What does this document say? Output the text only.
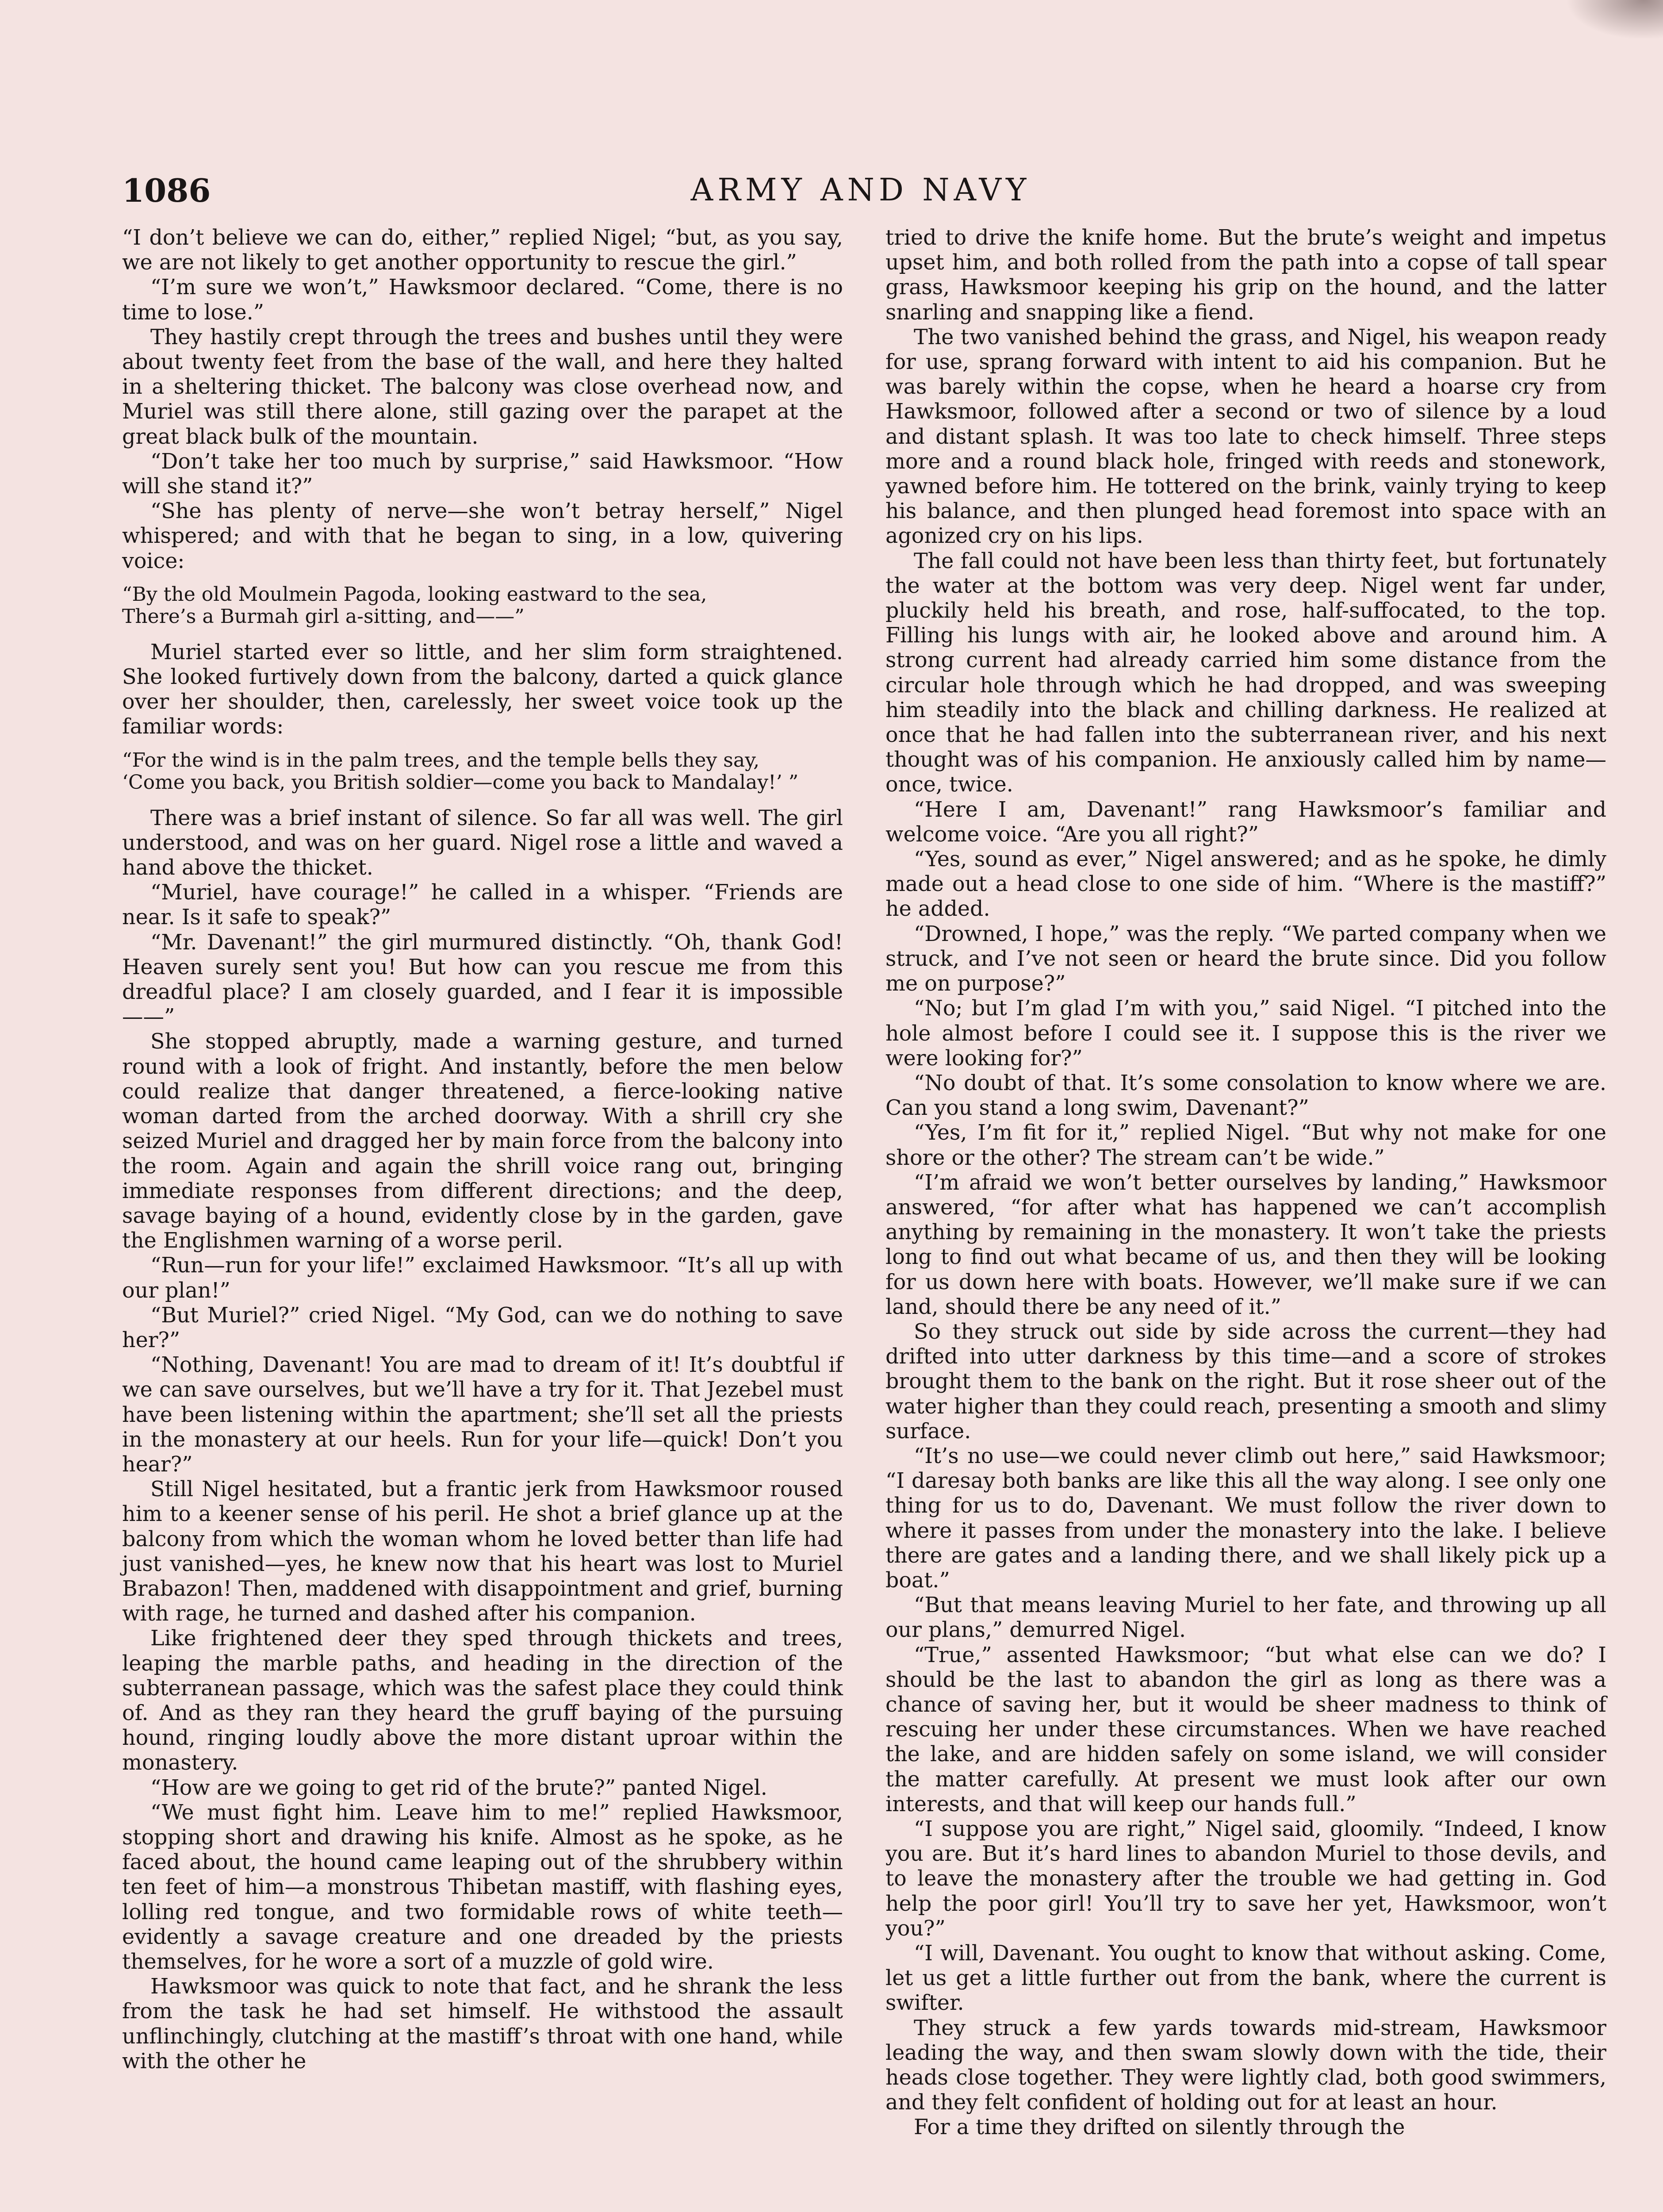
1086	ARMY AND NAVY

“I don’t believe we can do, either,” replied Nigel; “but, as you say, we are not likely to get another opportunity to rescue the girl.”

“I’m sure we won’t,” Hawksmoor declared. “Come, there is no time to lose.”

They hastily crept through the trees and bushes until they were about twenty feet from the base of the wall, and here they halted in a sheltering thicket. The balcony was close overhead now, and Muriel was still there alone, still gazing over the parapet at the great black bulk of the mountain.

“Don’t take her too much by surprise,” said Hawksmoor. “How will she stand it?”

“She has plenty of nerve—she won’t betray herself,” Nigel whispered; and with that he began to sing, in a low, quivering voice:

“By the old Moulmein Pagoda, looking eastward to the sea,
There’s a Burmah girl a-sitting, and——”

Muriel started ever so little, and her slim form straightened. She looked furtively down from the balcony, darted a quick glance over her shoulder, then, carelessly, her sweet voice took up the familiar words:

“For the wind is in the palm trees, and the temple bells they say,
‘Come you back, you British soldier—come you back to Mandalay!’ ”

There was a brief instant of silence. So far all was well. The girl understood, and was on her guard. Nigel rose a little and waved a hand above the thicket.

“Muriel, have courage!” he called in a whisper. “Friends are near. Is it safe to speak?”

“Mr. Davenant!” the girl murmured distinctly. “Oh, thank God! Heaven surely sent you! But how can you rescue me from this dreadful place? I am closely guarded, and I fear it is impossible——”

She stopped abruptly, made a warning gesture, and turned round with a look of fright. And instantly, before the men below could realize that danger threatened, a fierce-looking native woman darted from the arched doorway. With a shrill cry she seized Muriel and dragged her by main force from the balcony into the room. Again and again the shrill voice rang out, bringing immediate responses from different directions; and the deep, savage baying of a hound, evidently close by in the garden, gave the Englishmen warning of a worse peril.

“Run—run for your life!” exclaimed Hawksmoor. “It’s all up with our plan!”

“But Muriel?” cried Nigel. “My God, can we do nothing to save her?”

“Nothing, Davenant! You are mad to dream of it! It’s doubtful if we can save ourselves, but we’ll have a try for it. That Jezebel must have been listening within the apartment; she’ll set all the priests in the monastery at our heels. Run for your life—quick! Don’t you hear?”

Still Nigel hesitated, but a frantic jerk from Hawksmoor roused him to a keener sense of his peril. He shot a brief glance up at the balcony from which the woman whom he loved better than life had just vanished—yes, he knew now that his heart was lost to Muriel Brabazon! Then, maddened with disappointment and grief, burning with rage, he turned and dashed after his companion.

Like frightened deer they sped through thickets and trees, leaping the marble paths, and heading in the direction of the subterranean passage, which was the safest place they could think of. And as they ran they heard the gruff baying of the pursuing hound, ringing loudly above the more distant uproar within the monastery.

“How are we going to get rid of the brute?” panted Nigel.

“We must fight him. Leave him to me!” replied Hawksmoor, stopping short and drawing his knife. Almost as he spoke, as he faced about, the hound came leaping out of the shrubbery within ten feet of him—a monstrous Thibetan mastiff, with flashing eyes, lolling red tongue, and two formidable rows of white teeth—evidently a savage creature and one dreaded by the priests themselves, for he wore a sort of a muzzle of gold wire.

Hawksmoor was quick to note that fact, and he shrank the less from the task he had set himself. He withstood the assault unflinchingly, clutching at the mastiff’s throat with one hand, while with the other he

tried to drive the knife home. But the brute’s weight and impetus upset him, and both rolled from the path into a copse of tall spear grass, Hawksmoor keeping his grip on the hound, and the latter snarling and snapping like a fiend.

The two vanished behind the grass, and Nigel, his weapon ready for use, sprang forward with intent to aid his companion. But he was barely within the copse, when he heard a hoarse cry from Hawksmoor, followed after a second or two of silence by a loud and distant splash. It was too late to check himself. Three steps more and a round black hole, fringed with reeds and stonework, yawned before him. He tottered on the brink, vainly trying to keep his balance, and then plunged head foremost into space with an agonized cry on his lips.

The fall could not have been less than thirty feet, but fortunately the water at the bottom was very deep. Nigel went far under, pluckily held his breath, and rose, half-suffocated, to the top. Filling his lungs with air, he looked above and around him. A strong current had already carried him some distance from the circular hole through which he had dropped, and was sweeping him steadily into the black and chilling darkness. He realized at once that he had fallen into the subterranean river, and his next thought was of his companion. He anxiously called him by name—once, twice.

“Here I am, Davenant!” rang Hawksmoor’s familiar and welcome voice. “Are you all right?”

“Yes, sound as ever,” Nigel answered; and as he spoke, he dimly made out a head close to one side of him. “Where is the mastiff?” he added.

“Drowned, I hope,” was the reply. “We parted company when we struck, and I’ve not seen or heard the brute since. Did you follow me on purpose?”

“No; but I’m glad I’m with you,” said Nigel. “I pitched into the hole almost before I could see it. I suppose this is the river we were looking for?”

“No doubt of that. It’s some consolation to know where we are. Can you stand a long swim, Davenant?”

“Yes, I’m fit for it,” replied Nigel. “But why not make for one shore or the other? The stream can’t be wide.”

“I’m afraid we won’t better ourselves by landing,” Hawksmoor answered, “for after what has happened we can’t accomplish anything by remaining in the monastery. It won’t take the priests long to find out what became of us, and then they will be looking for us down here with boats. However, we’ll make sure if we can land, should there be any need of it.”

So they struck out side by side across the current—they had drifted into utter darkness by this time—and a score of strokes brought them to the bank on the right. But it rose sheer out of the water higher than they could reach, presenting a smooth and slimy surface.

“It’s no use—we could never climb out here,” said Hawksmoor; “I daresay both banks are like this all the way along. I see only one thing for us to do, Davenant. We must follow the river down to where it passes from under the monastery into the lake. I believe there are gates and a landing there, and we shall likely pick up a boat.”

“But that means leaving Muriel to her fate, and throwing up all our plans,” demurred Nigel.

“True,” assented Hawksmoor; “but what else can we do? I should be the last to abandon the girl as long as there was a chance of saving her, but it would be sheer madness to think of rescuing her under these circumstances. When we have reached the lake, and are hidden safely on some island, we will consider the matter carefully. At present we must look after our own interests, and that will keep our hands full.”

“I suppose you are right,” Nigel said, gloomily. “Indeed, I know you are. But it’s hard lines to abandon Muriel to those devils, and to leave the monastery after the trouble we had getting in. God help the poor girl! You’ll try to save her yet, Hawksmoor, won’t you?”

“I will, Davenant. You ought to know that without asking. Come, let us get a little further out from the bank, where the current is swifter.

They struck a few yards towards mid-stream, Hawksmoor leading the way, and then swam slowly down with the tide, their heads close together. They were lightly clad, both good swimmers, and they felt confident of holding out for at least an hour.

For a time they drifted on silently through the
